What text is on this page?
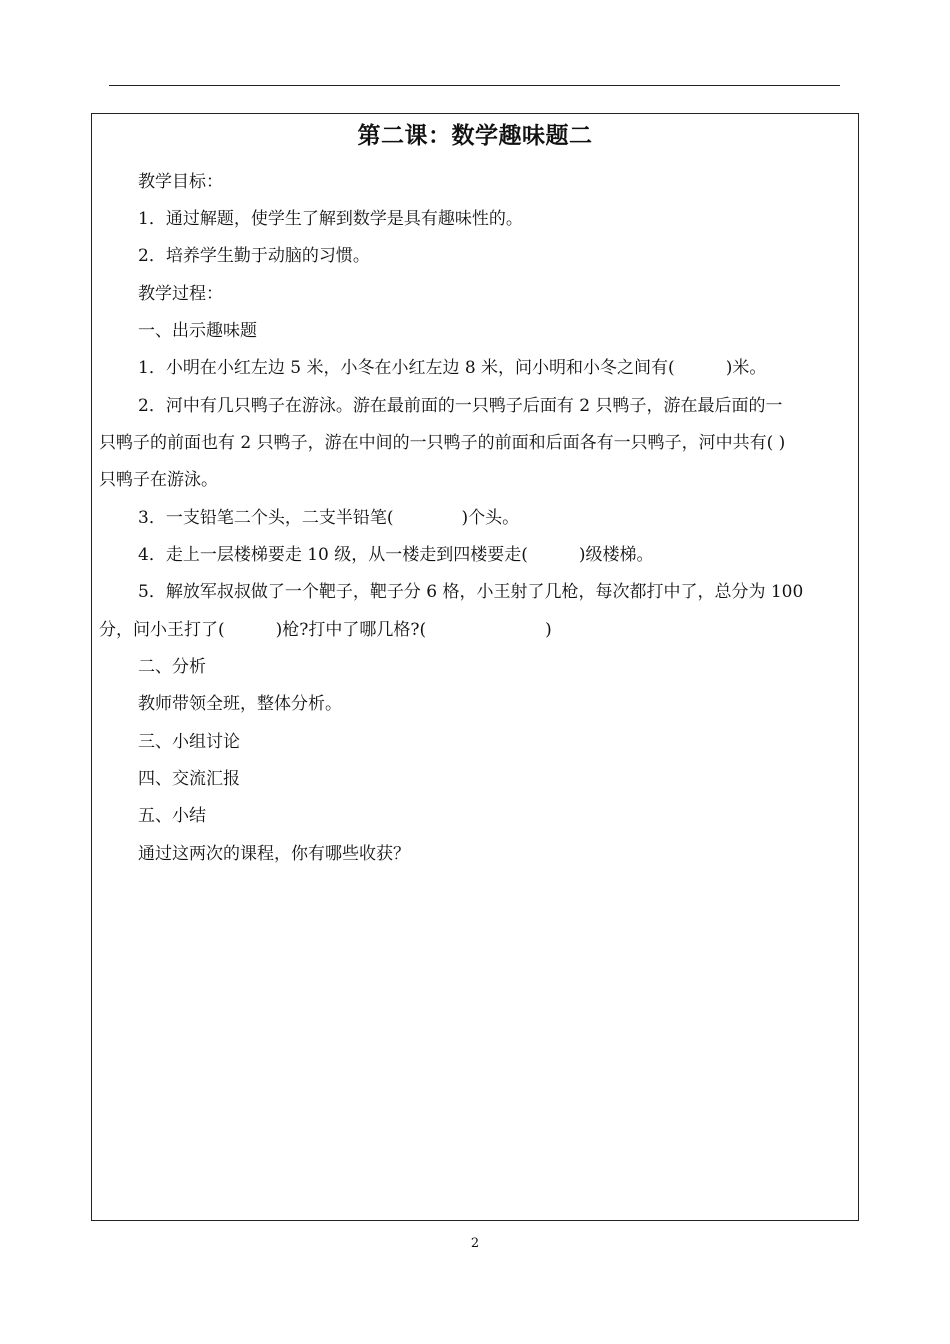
第二课：数学趣味题二
教学目标：
1．通过解题，使学生了解到数学是具有趣味性的。
2．培养学生勤于动脑的习惯。
教学过程：
一、出示趣味题
1．小明在小红左边 5 米，小冬在小红左边 8 米，问小明和小冬之间有(　　　)米。
2．河中有几只鸭子在游泳。游在最前面的一只鸭子后面有 2 只鸭子，游在最后面的一
只鸭子的前面也有 2 只鸭子，游在中间的一只鸭子的前面和后面各有一只鸭子，河中共有( )
只鸭子在游泳。
3．一支铅笔二个头，二支半铅笔(　　　　)个头。
4．走上一层楼梯要走 10 级，从一楼走到四楼要走(　　　)级楼梯。
5．解放军叔叔做了一个靶子，靶子分 6 格，小王射了几枪，每次都打中了，总分为 100
分，问小王打了(　　　)枪?打中了哪几格?(　　　　　　　)
二、分析
教师带领全班，整体分析。
三、小组讨论
四、交流汇报
五、小结
通过这两次的课程，你有哪些收获？
2
